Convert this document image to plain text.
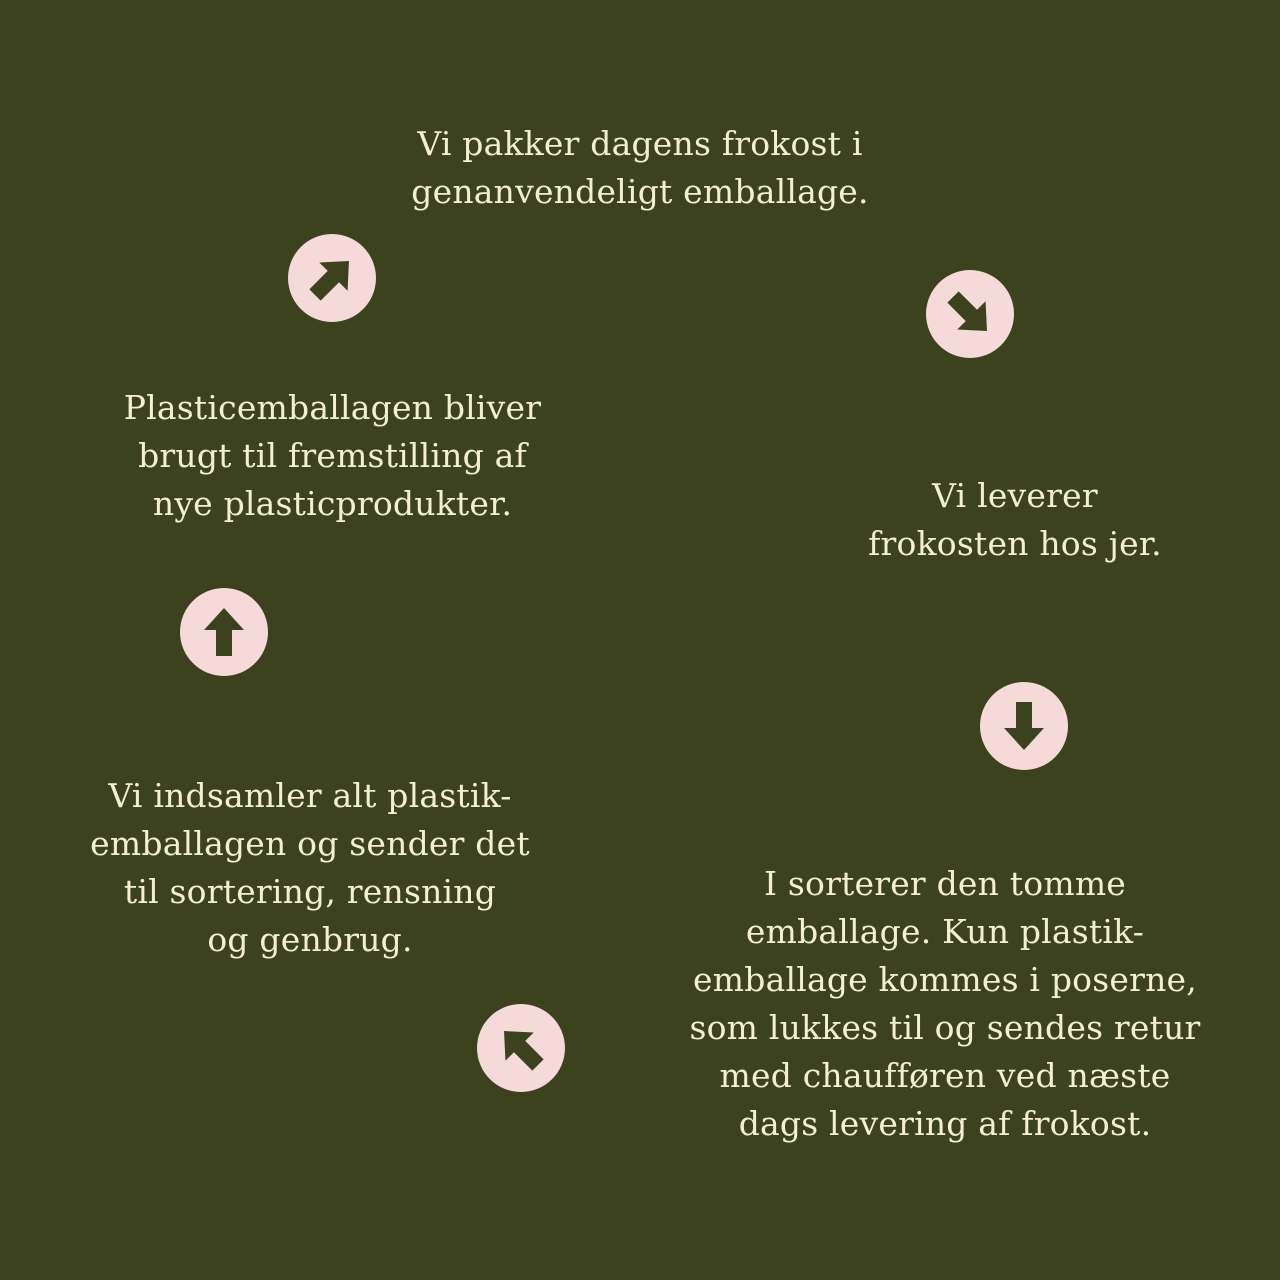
Vi pakker dagens frokost i
genanvendeligt emballage.
Vi leverer
frokosten hos jer.
I sorterer den tomme
emballage. Kun plastik-
emballage kommes i poserne,
som lukkes til og sendes retur
med chaufføren ved næste
dags levering af frokost.
Vi indsamler alt plastik-
emballagen og sender det
til sortering, rensning
og genbrug.
Plasticemballagen bliver
brugt til fremstilling af
nye plasticprodukter.
